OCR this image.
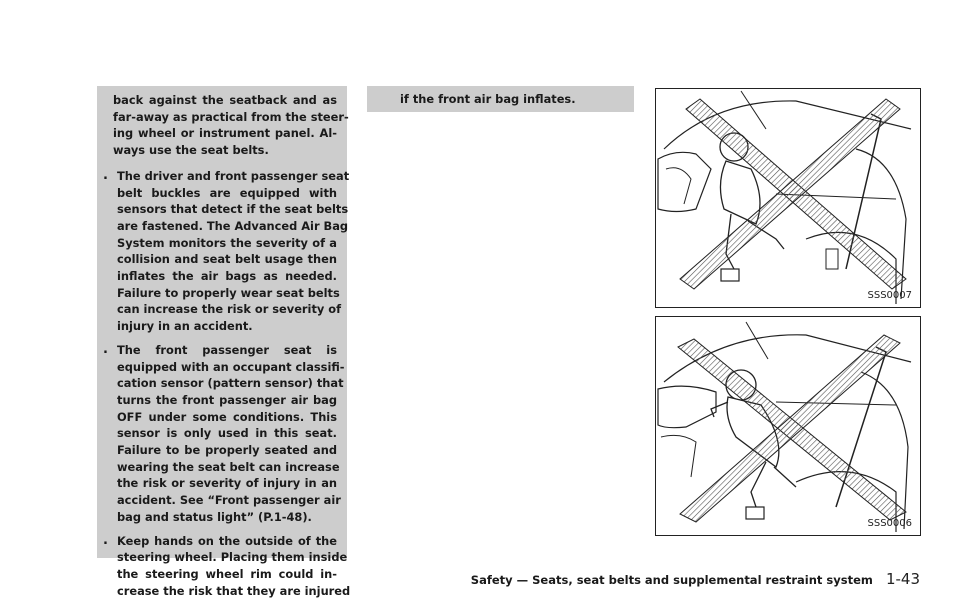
back against the seatback and as
far-away as practical from the steer-
ing wheel or instrument panel. Al-
ways use the seat belts.
. The driver and front passenger seat
belt buckles are equipped with
sensors that detect if the seat belts
are fastened. The Advanced Air Bag
System monitors the severity of a
collision and seat belt usage then
inflates the air bags as needed.
Failure to properly wear seat belts
can increase the risk or severity of
injury in an accident.
. The front passenger seat is
equipped with an occupant classifi-
cation sensor (pattern sensor) that
turns the front passenger air bag
OFF under some conditions. This
sensor is only used in this seat.
Failure to be properly seated and
wearing the seat belt can increase
the risk or severity of injury in an
accident. See “Front passenger air
bag and status light” (P.1-48).
. Keep hands on the outside of the
steering wheel. Placing them inside
the steering wheel rim could in-
crease the risk that they are injured
if the front air bag inflates.
SSS0007
SSS0006
Safety — Seats, seat belts and supplemental restraint system 1-43
